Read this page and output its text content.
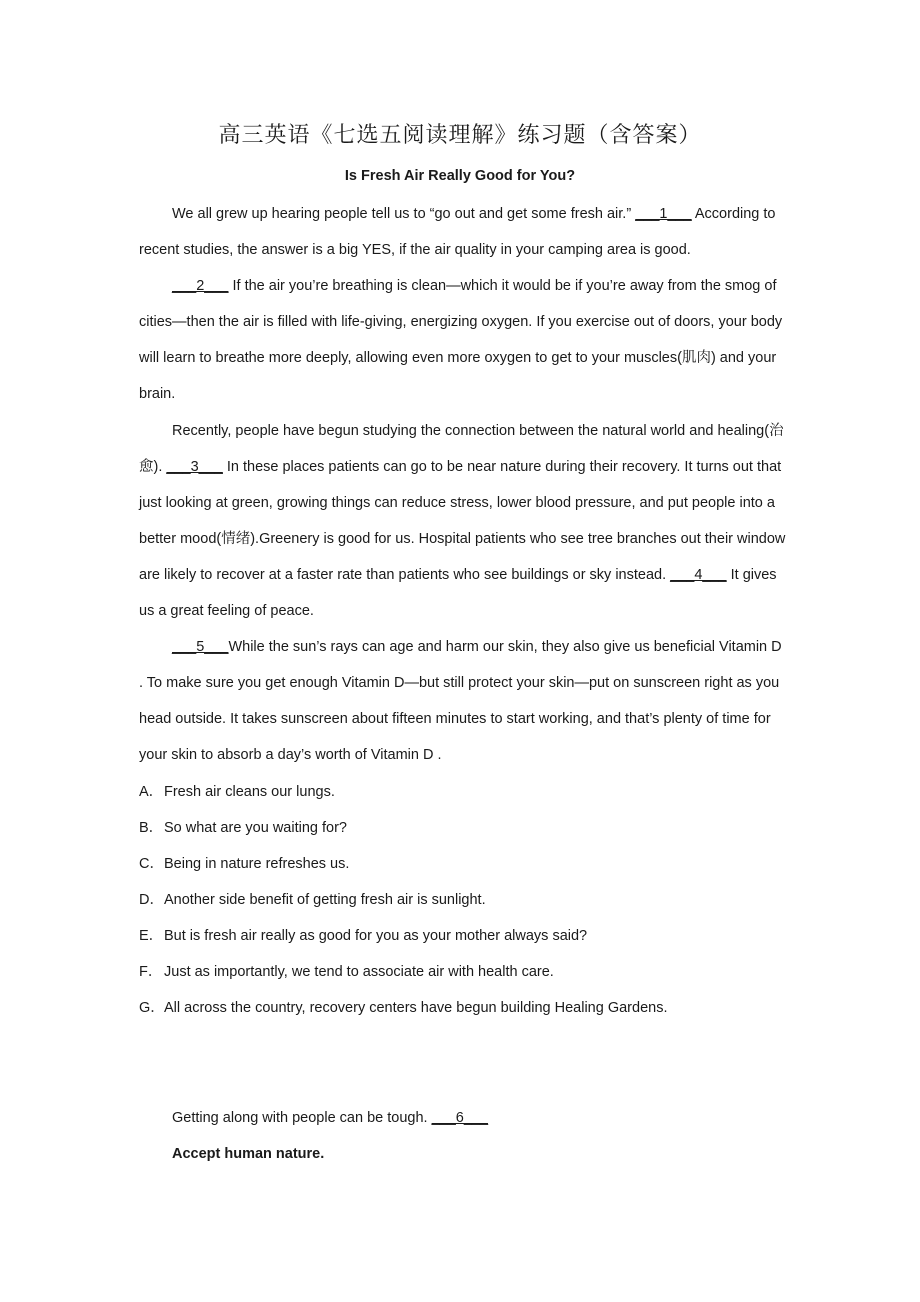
高三英语《七选五阅读理解》练习题（含答案）
Is Fresh Air Really Good for You?

We all grew up hearing people tell us to “go out and get some fresh air.” ___1___ According to recent studies, the answer is a big YES, if the air quality in your camping area is good.

___2___ If the air you’re breathing is clean—which it would be if you’re away from the smog of cities—then the air is filled with life-giving, energizing oxygen. If you exercise out of doors, your body will learn to breathe more deeply, allowing even more oxygen to get to your muscles(肌肉) and your brain.

Recently, people have begun studying the connection between the natural world and healing(治愈). ___3___ In these places patients can go to be near nature during their recovery. It turns out that just looking at green, growing things can reduce stress, lower blood pressure, and put people into a better mood(情绪).Greenery is good for us. Hospital patients who see tree branches out their window are likely to recover at a faster rate than patients who see buildings or sky instead. ___4___ It gives us a great feeling of peace.

___5___While the sun’s rays can age and harm our skin, they also give us beneficial Vitamin D . To make sure you get enough Vitamin D—but still protect your skin—put on sunscreen right as you head outside. It takes sunscreen about fifteen minutes to start working, and that’s plenty of time for your skin to absorb a day’s worth of Vitamin D .

A．Fresh air cleans our lungs.
B．So what are you waiting for?
C．Being in nature refreshes us.
D．Another side benefit of getting fresh air is sunlight.
E．But is fresh air really as good for you as your mother always said?
F． Just as importantly, we tend to associate air with health care.
G．All across the country, recovery centers have begun building Healing Gardens.
Getting along with people can be tough. ___6___
Accept human nature.
